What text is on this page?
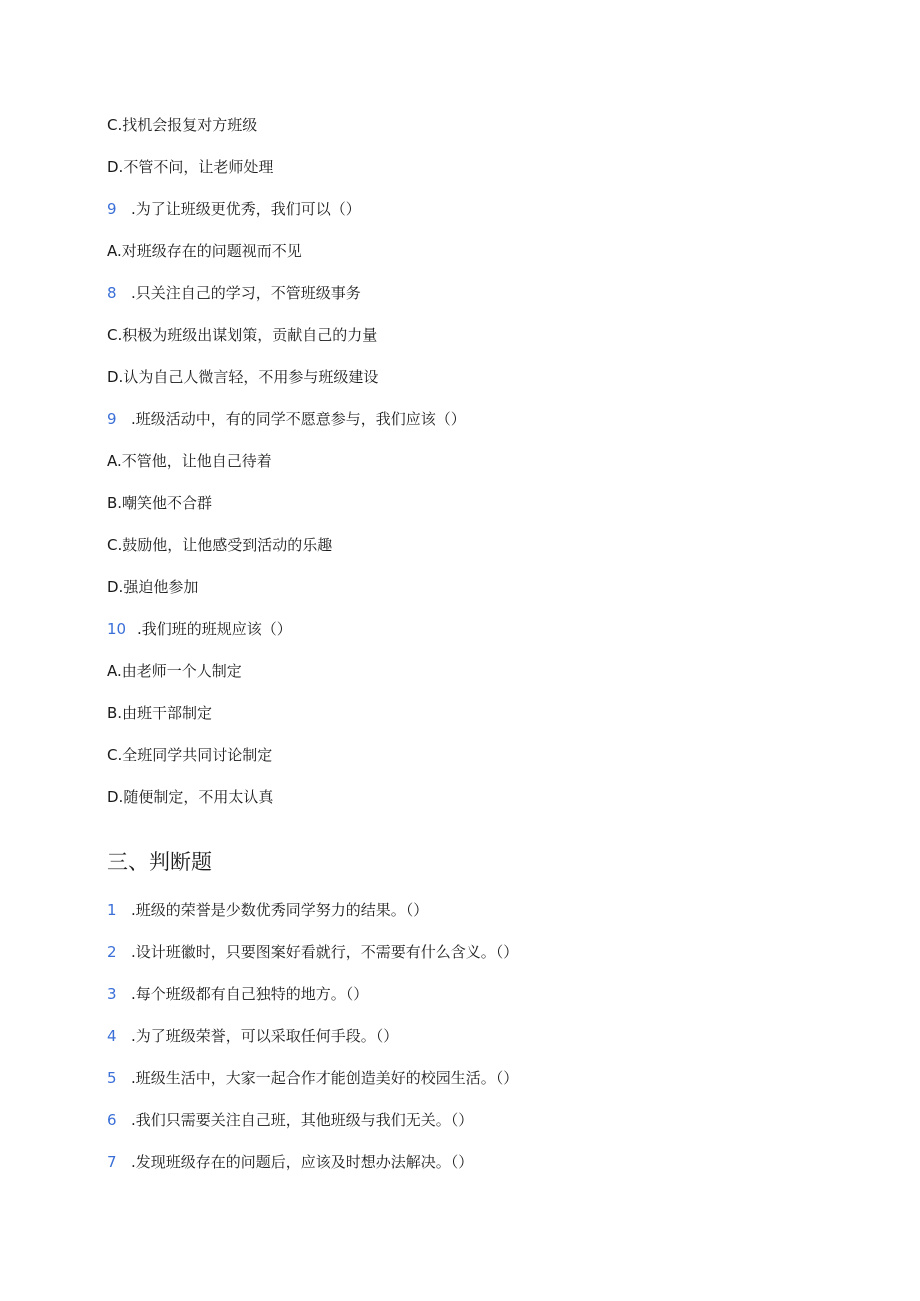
C.找机会报复对方班级
D.不管不问，让老师处理
9 .为了让班级更优秀，我们可以（）
A.对班级存在的问题视而不见
8 .只关注自己的学习，不管班级事务
C.积极为班级出谋划策，贡献自己的力量
D.认为自己人微言轻，不用参与班级建设
9 .班级活动中，有的同学不愿意参与，我们应该（）
A.不管他，让他自己待着
B.嘲笑他不合群
C.鼓励他，让他感受到活动的乐趣
D.强迫他参加
10 .我们班的班规应该（）
A.由老师一个人制定
B.由班干部制定
C.全班同学共同讨论制定
D.随便制定，不用太认真
三、判断题
1 .班级的荣誉是少数优秀同学努力的结果。（）
2 .设计班徽时，只要图案好看就行，不需要有什么含义。（）
3 .每个班级都有自己独特的地方。（）
4 .为了班级荣誉，可以采取任何手段。（）
5 .班级生活中，大家一起合作才能创造美好的校园生活。（）
6 .我们只需要关注自己班，其他班级与我们无关。（）
7 .发现班级存在的问题后，应该及时想办法解决。（）
